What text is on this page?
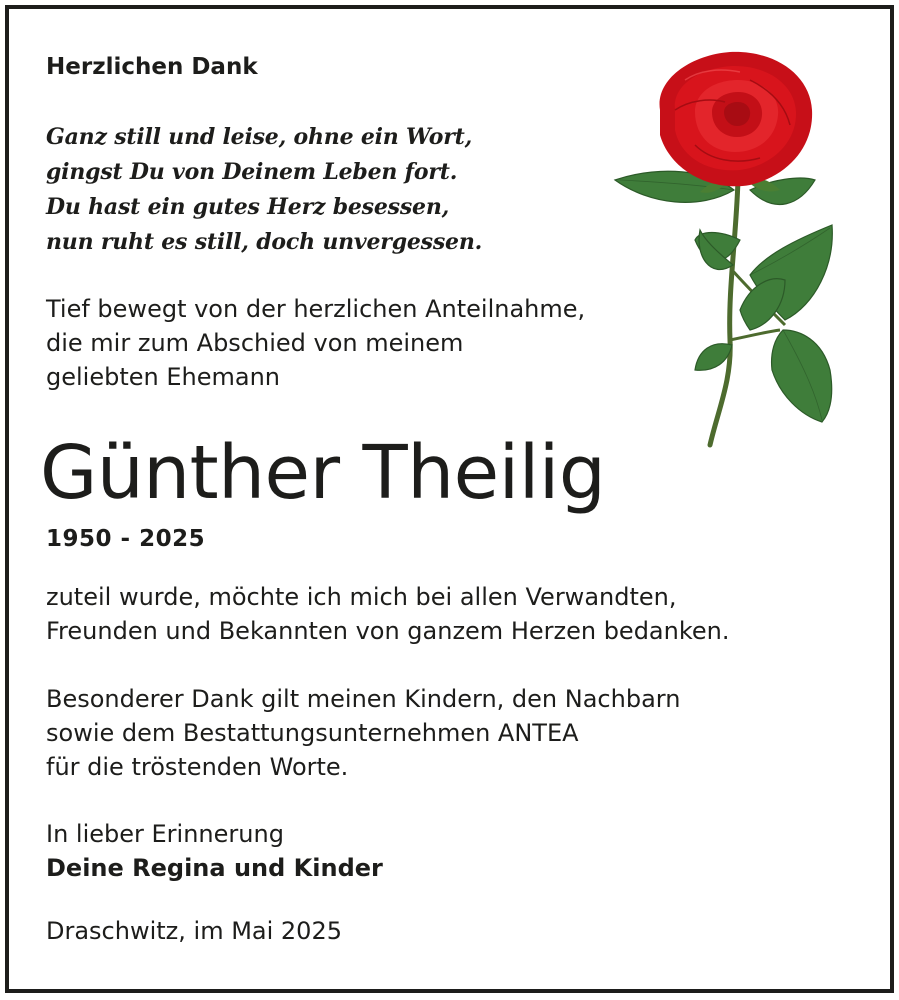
Herzlichen Dank

Ganz still und leise, ohne ein Wort,
gingst Du von Deinem Leben fort.
Du hast ein gutes Herz besessen,
nun ruht es still, doch unvergessen.
Tief bewegt von der herzlichen Anteilnahme,
die mir zum Abschied von meinem
geliebten Ehemann

Günther Theilig

1950 - 2025

zuteil wurde, möchte ich mich bei allen Verwandten,
Freunden und Bekannten von ganzem Herzen bedanken.
Besonderer Dank gilt meinen Kindern, den Nachbarn
sowie dem Bestattungsunternehmen ANTEA
für die tröstenden Worte.

In lieber Erinnerung

Deine Regina und Kinder

Draschwitz, im Mai 2025
